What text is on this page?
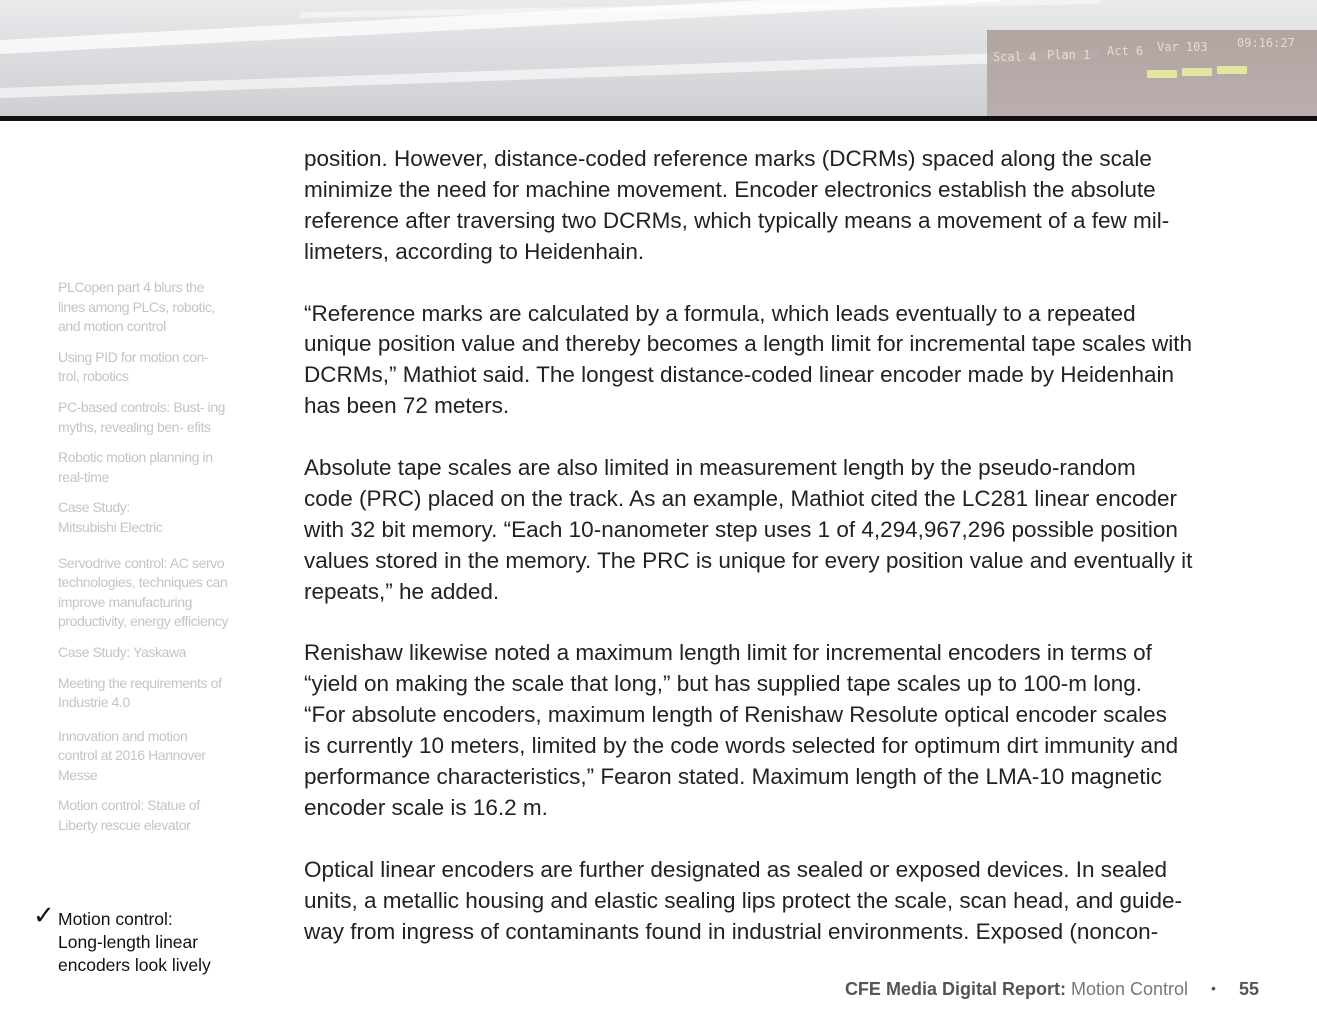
Scal 4 Plan 1 Act 6 Var 103 09:16:27
PLCopen part 4 blurs the lines among PLCs, robotic, and motion control
Using PID for motion con- trol, robotics
PC-based controls: Bust- ing myths, revealing ben- efits
Robotic motion planning in real-time
Case Study: Mitsubishi Electric
Servodrive control: AC servo technologies, techniques can improve manufacturing productivity, energy efficiency
Case Study: Yaskawa
Meeting the requirements of Industrie 4.0
Innovation and motion control at 2016 Hannover Messe
Motion control: Statue of Liberty rescue elevator
✓ Motion control: Long-length linear encoders look lively
position. However, distance-coded reference marks (DCRMs) spaced along the scale
minimize the need for machine movement. Encoder electronics establish the absolute
reference after traversing two DCRMs, which typically means a movement of a few mil-
limeters, according to Heidenhain.
“Reference marks are calculated by a formula, which leads eventually to a repeated
unique position value and thereby becomes a length limit for incremental tape scales with
DCRMs,” Mathiot said. The longest distance-coded linear encoder made by Heidenhain
has been 72 meters.
Absolute tape scales are also limited in measurement length by the pseudo-random
code (PRC) placed on the track. As an example, Mathiot cited the LC281 linear encoder
with 32 bit memory. “Each 10-nanometer step uses 1 of 4,294,967,296 possible position
values stored in the memory. The PRC is unique for every position value and eventually it
repeats,” he added.
Renishaw likewise noted a maximum length limit for incremental encoders in terms of
“yield on making the scale that long,” but has supplied tape scales up to 100-m long.
“For absolute encoders, maximum length of Renishaw Resolute optical encoder scales
is currently 10 meters, limited by the code words selected for optimum dirt immunity and
performance characteristics,” Fearon stated. Maximum length of the LMA-10 magnetic
encoder scale is 16.2 m.
Optical linear encoders are further designated as sealed or exposed devices. In sealed
units, a metallic housing and elastic sealing lips protect the scale, scan head, and guide-
way from ingress of contaminants found in industrial environments. Exposed (noncon-
CFE Media Digital Report: Motion Control • 55
